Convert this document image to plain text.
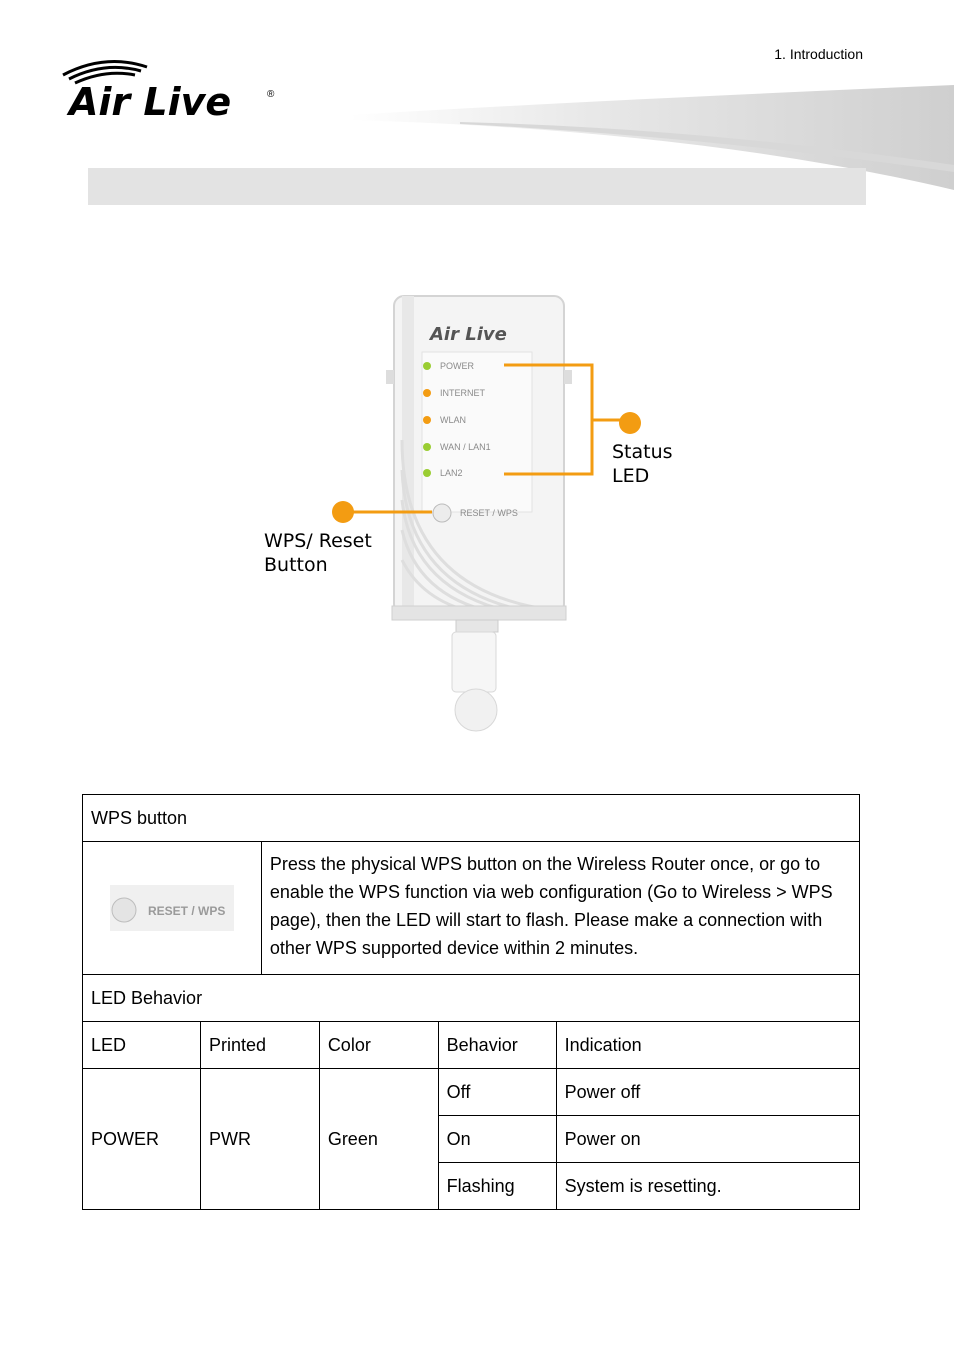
1. Introduction
Air Live	®
Air Live
POWER
INTERNET
WLAN
WAN / LAN1
LAN2
RESET / WPS
Status
LED
WPS/ Reset
Button
WPS button					

RESET / WPS		Press the physical WPS button on the Wireless Router once, or go to enable the WPS function via web configuration (Go to Wireless > WPS page), then the LED will start to flash. Please make a connection with other WPS supported device within 2 minutes.			
LED Behavior					
LED	Printed		Color	Behavior	Indication
POWER	PWR		Green	Off	Power off
				On	Power on
				Flashing	System is resetting.
